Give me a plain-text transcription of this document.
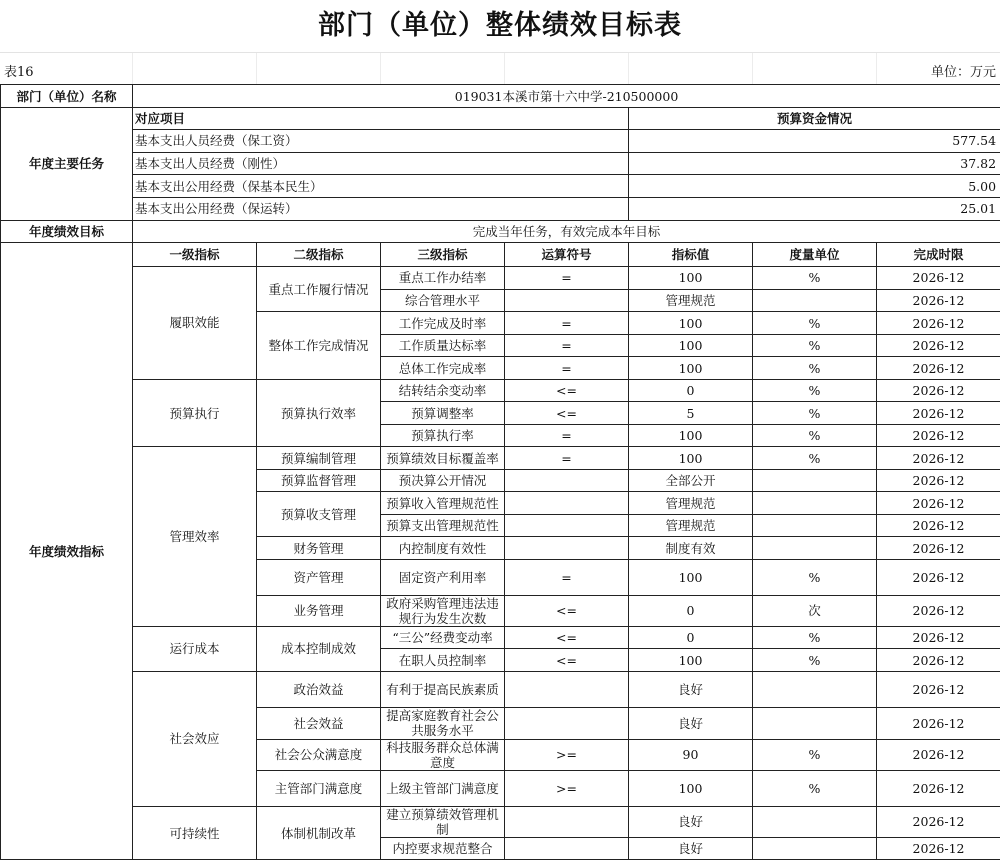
部门（单位）整体绩效目标表
表16	单位：万元
部门（单位）名称	019031本溪市第十六中学-210500000						
年度主要任务	对应项目				预算资金情况		
	基本支出人员经费（保工资）				577.54		
	基本支出人员经费（刚性）				37.82		
	基本支出公用经费（保基本民生）				5.00		
	基本支出公用经费（保运转）				25.01		
年度绩效目标	完成当年任务，有效完成本年目标						
年度绩效指标	一级指标	二级指标	三级指标	运算符号	指标值	度量单位	完成时限
	履职效能	重点工作履行情况	重点工作办结率	=	100	%	2026-12
			综合管理水平		管理规范		2026-12
		整体工作完成情况	工作完成及时率	=	100	%	2026-12
			工作质量达标率	=	100	%	2026-12
			总体工作完成率	=	100	%	2026-12
	预算执行	预算执行效率	结转结余变动率	<=	0	%	2026-12
			预算调整率	<=	5	%	2026-12
			预算执行率	=	100	%	2026-12
	管理效率	预算编制管理	预算绩效目标覆盖率	=	100	%	2026-12
		预算监督管理	预决算公开情况		全部公开		2026-12
		预算收支管理	预算收入管理规范性		管理规范		2026-12
			预算支出管理规范性		管理规范		2026-12
		财务管理	内控制度有效性		制度有效		2026-12
		资产管理	固定资产利用率	=	100	%	2026-12
		业务管理	政府采购管理违法违规行为发生次数	<=	0	次	2026-12
	运行成本	成本控制成效	“三公”经费变动率	<=	0	%	2026-12
			在职人员控制率	<=	100	%	2026-12
	社会效应	政治效益	有利于提高民族素质		良好		2026-12
		社会效益	提高家庭教育社会公共服务水平		良好		2026-12
		社会公众满意度	科技服务群众总体满意度	>=	90	%	2026-12
		主管部门满意度	上级主管部门满意度	>=	100	%	2026-12
	可持续性	体制机制改革	建立预算绩效管理机制		良好		2026-12
			内控要求规范整合		良好		2026-12
